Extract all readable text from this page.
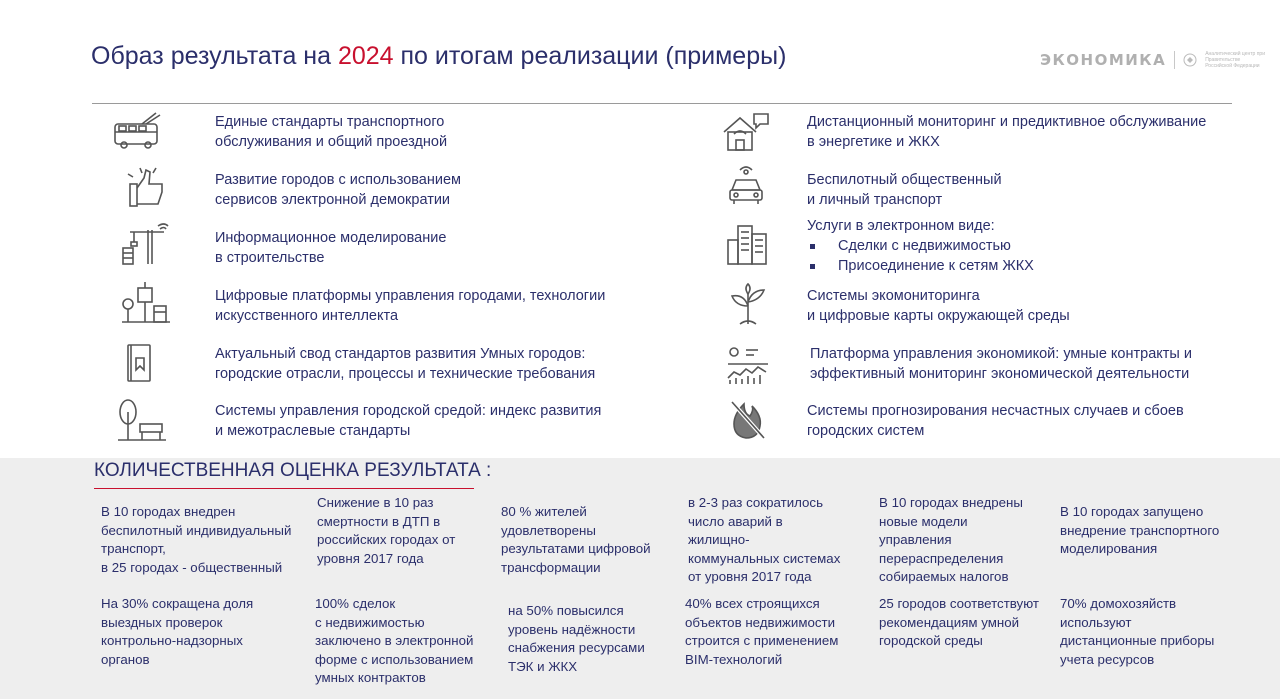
Образ результата на 2024 по итогам реализации (примеры)	ЭКОНОМИКА	Аналитический центр при Правительстве Российской Федерации
Единые стандарты транспортного
обслуживания и общий проездной
Развитие городов с использованием
сервисов электронной демократии
Информационное моделирование
в строительстве
Цифровые платформы управления городами, технологии
искусственного интеллекта
Актуальный свод стандартов развития Умных городов:
городские отрасли, процессы и технические требования
Системы управления городской средой: индекс развития
и межотраслевые стандарты
Дистанционный мониторинг и предиктивное обслуживание
в энергетике и ЖКХ
Беспилотный общественный
и личный транспорт
Услуги в электронном виде:
Сделки с недвижимостью
Присоединение к сетям ЖКХ
Системы экомониторинга
и цифровые карты окружающей среды
Платформа управления экономикой: умные контракты и
эффективный мониторинг экономической деятельности
Системы прогнозирования несчастных случаев и сбоев
городских систем
КОЛИЧЕСТВЕННАЯ ОЦЕНКА РЕЗУЛЬТАТА :
В 10 городах внедрен
беспилотный индивидуальный
транспорт,
в 25 городах - общественный
Снижение в 10 раз
смертности в ДТП в
российских городах от
уровня 2017 года
80 % жителей
удовлетворены
результатами цифровой
трансформации
в 2-3 раз сократилось
число аварий в
жилищно-
коммунальных системах
от уровня 2017 года
В 10 городах внедрены
новые модели
управления
перераспределения
собираемых налогов
В 10 городах запущено
внедрение транспортного
моделирования
На 30% сокращена доля
выездных проверок
контрольно-надзорных
органов
100% сделок
с недвижимостью
заключено в электронной
форме с использованием
умных контрактов
на 50% повысился
уровень надёжности
снабжения ресурсами
ТЭК и ЖКХ
40% всех строящихся
объектов недвижимости
строится с применением
BIM-технологий
25 городов соответствуют
рекомендациям умной
городской среды
70% домохозяйств
используют
дистанционные приборы
учета ресурсов
